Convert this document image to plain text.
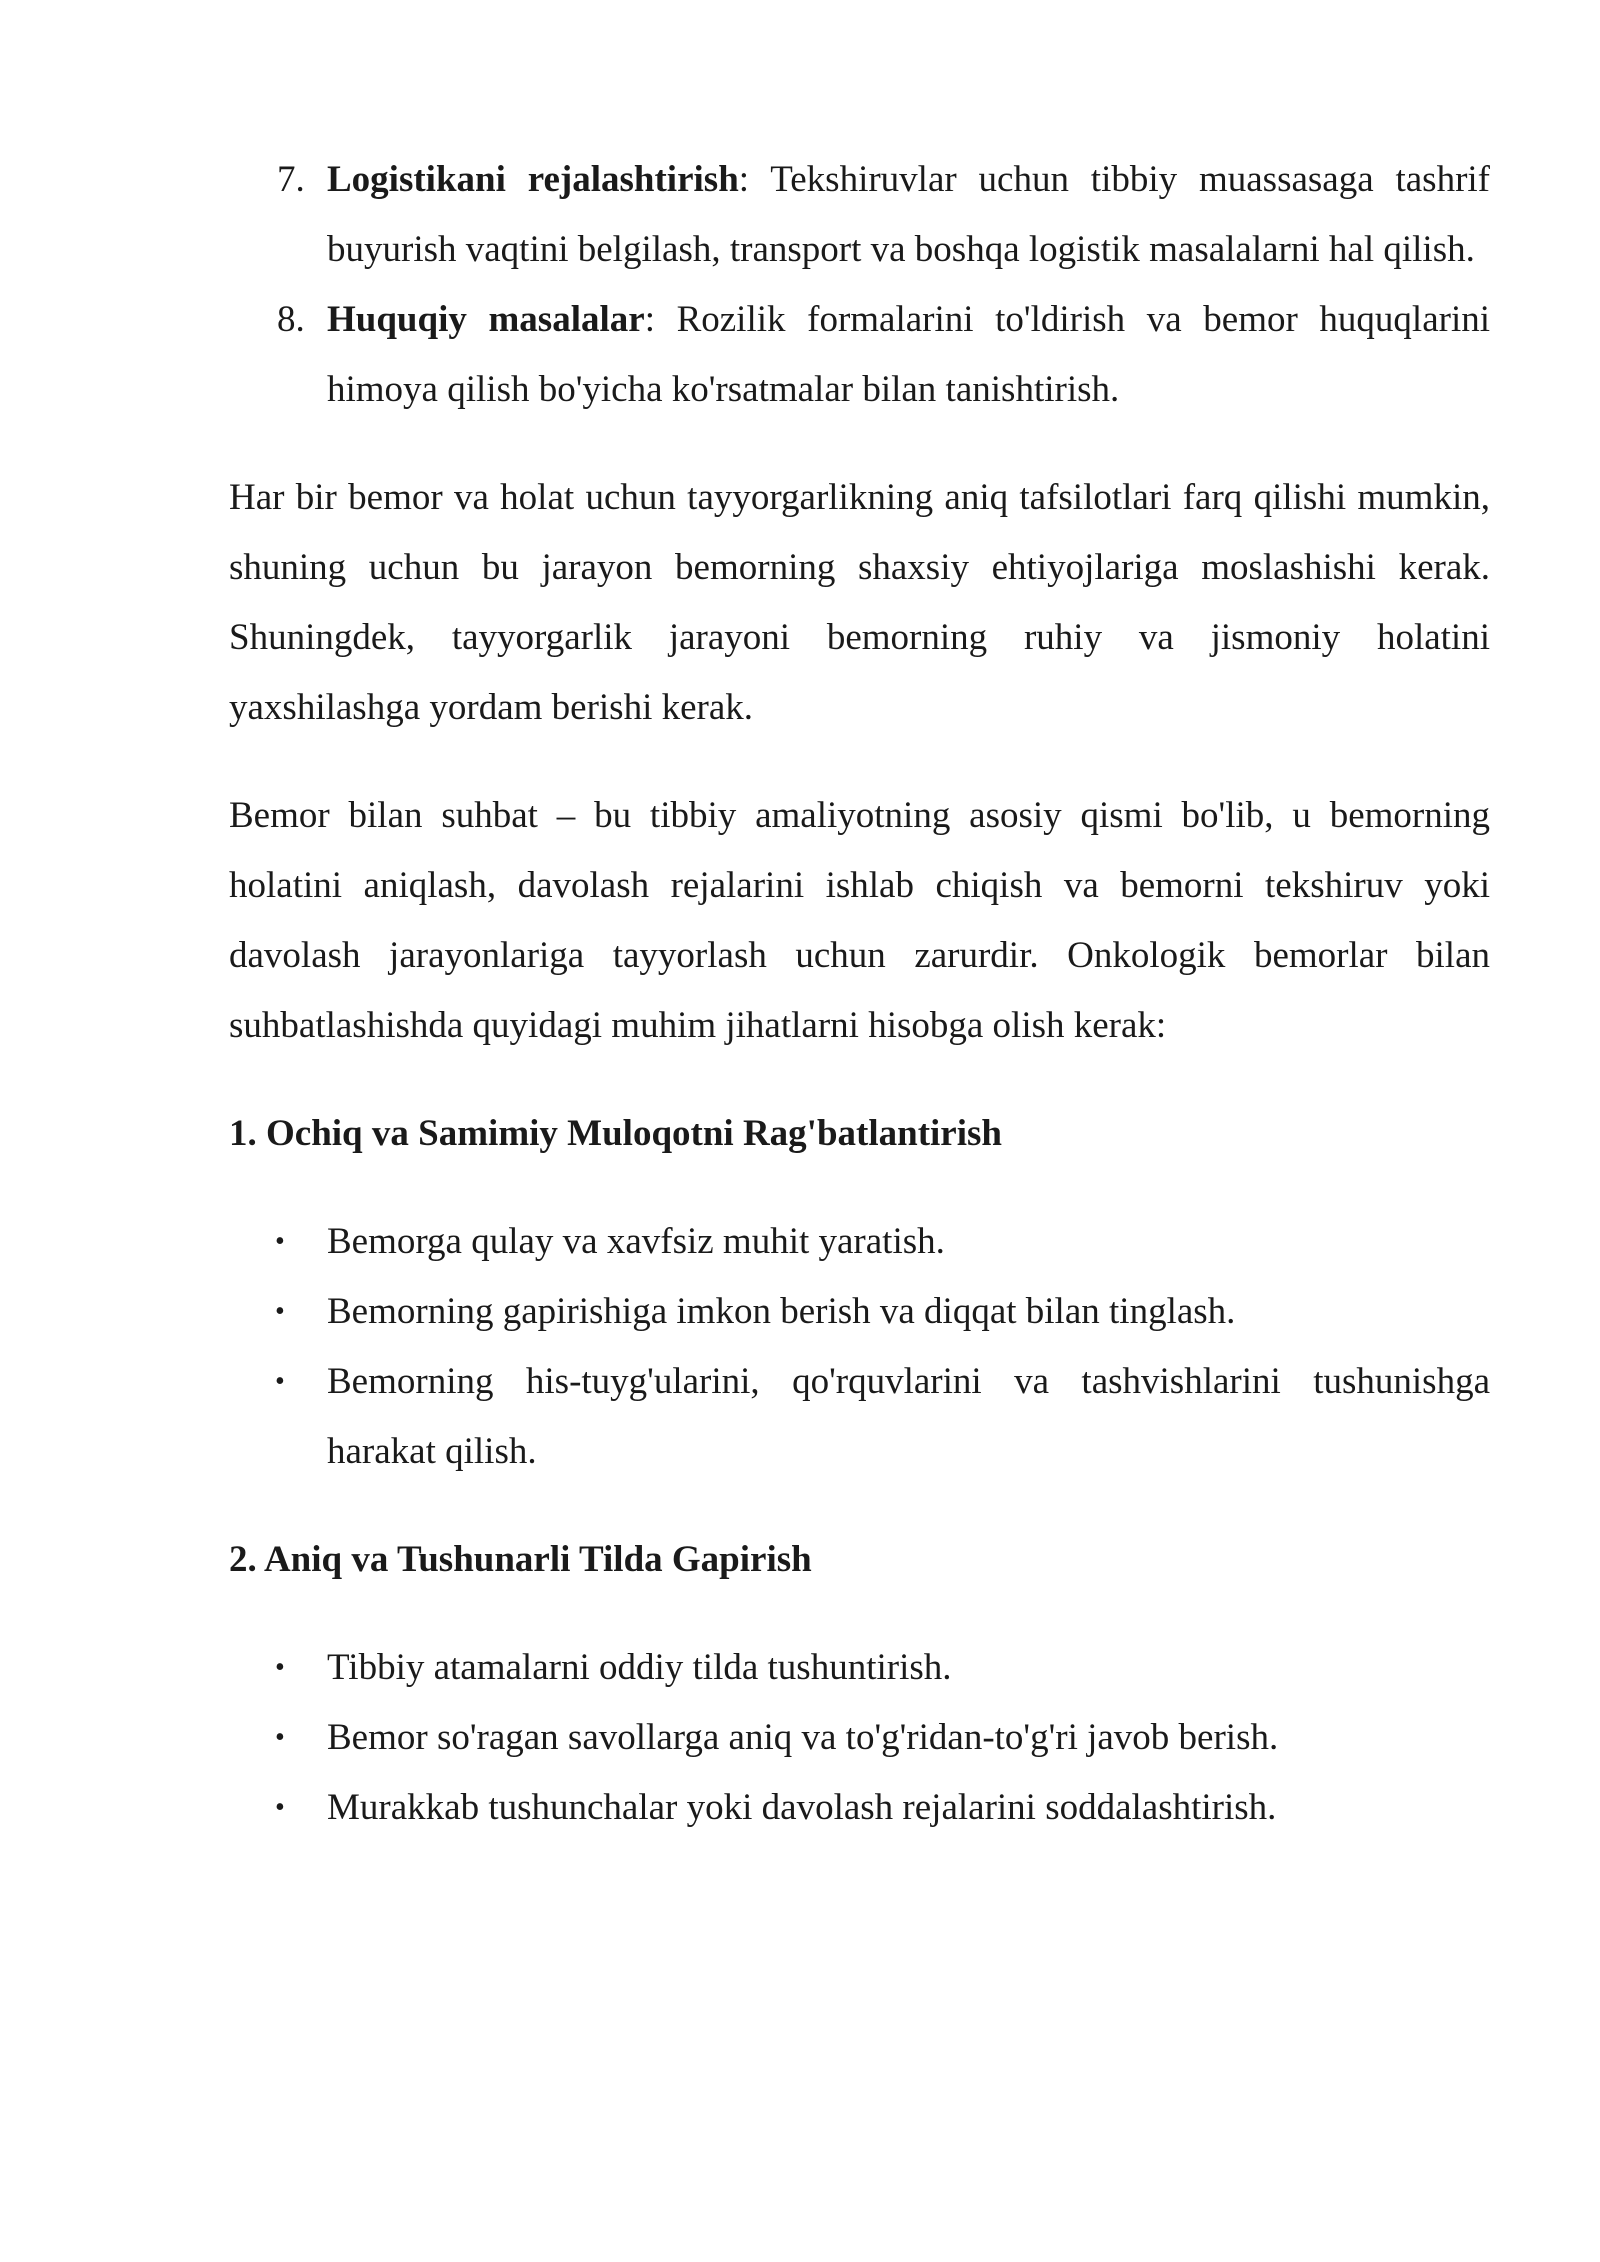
7. Logistikani rejalashtirish: Tekshiruvlar uchun tibbiy muassasaga tashrif buyurish vaqtini belgilash, transport va boshqa logistik masalalarni hal qilish.
8. Huquqiy masalalar: Rozilik formalarini to'ldirish va bemor huquqlarini himoya qilish bo'yicha ko'rsatmalar bilan tanishtirish.

Har bir bemor va holat uchun tayyorgarlikning aniq tafsilotlari farq qilishi mumkin, shuning uchun bu jarayon bemorning shaxsiy ehtiyojlariga moslashishi kerak. Shuningdek, tayyorgarlik jarayoni bemorning ruhiy va jismoniy holatini yaxshilashga yordam berishi kerak.

Bemor bilan suhbat – bu tibbiy amaliyotning asosiy qismi bo'lib, u bemorning holatini aniqlash, davolash rejalarini ishlab chiqish va bemorni tekshiruv yoki davolash jarayonlariga tayyorlash uchun zarurdir. Onkologik bemorlar bilan suhbatlashishda quyidagi muhim jihatlarni hisobga olish kerak:

1. Ochiq va Samimiy Muloqotni Rag'batlantirish
• Bemorga qulay va xavfsiz muhit yaratish.
• Bemorning gapirishiga imkon berish va diqqat bilan tinglash.
• Bemorning his-tuyg'ularini, qo'rquvlarini va tashvishlarini tushunishga harakat qilish.
2. Aniq va Tushunarli Tilda Gapirish
• Tibbiy atamalarni oddiy tilda tushuntirish.
• Bemor so'ragan savollarga aniq va to'g'ridan-to'g'ri javob berish.
• Murakkab tushunchalar yoki davolash rejalarini soddalashtirish.
